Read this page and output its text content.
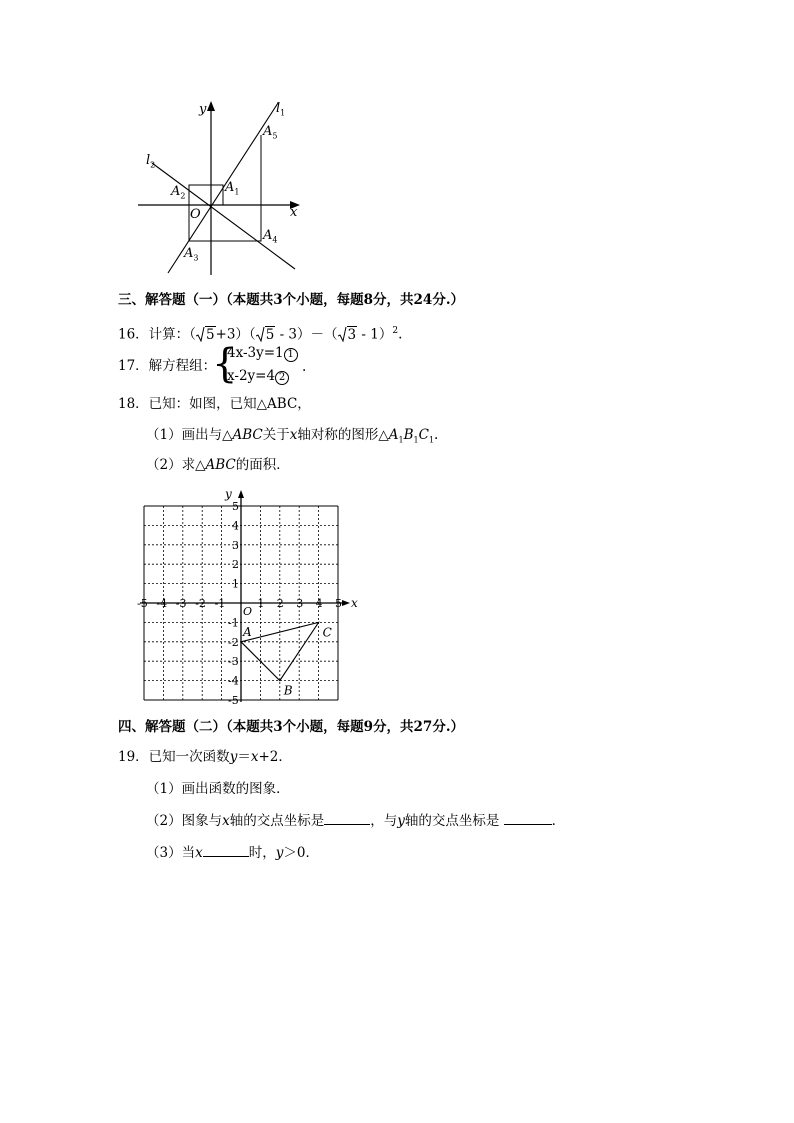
y
x
O
$l_1$
$l_2$
$A_5$
$A_1$
$A_2$
$A_4$
$A_3$
三、解答题（一）（本题共3个小题，每题8分，共24分.）
16．计算：（ 5+3）（ 5 - 3）－（ 3 - 1）$^2$.
17．解方程组：
{
4x-3y=1 1
x-2y=4 2
.
18．已知：如图，已知△ABC，
（1）画出与△ABC关于x轴对称的图形$\triangle A_1B_1C_1$.
（2）求△ABC的面积．
x
y
O
-5 -4 -3 -2 -1	1 2 3 4 5
5
4
3
2
1
-1
-2
-3
-4
-5
A
B
C
四、解答题（二）（本题共3个小题，每题9分，共27分.）
19．已知一次函数y＝x+2．
（1）画出函数的图象．
（2）图象与x轴的交点坐标是	，与y轴的交点坐标是	．
（3）当x	时，y＞0．
